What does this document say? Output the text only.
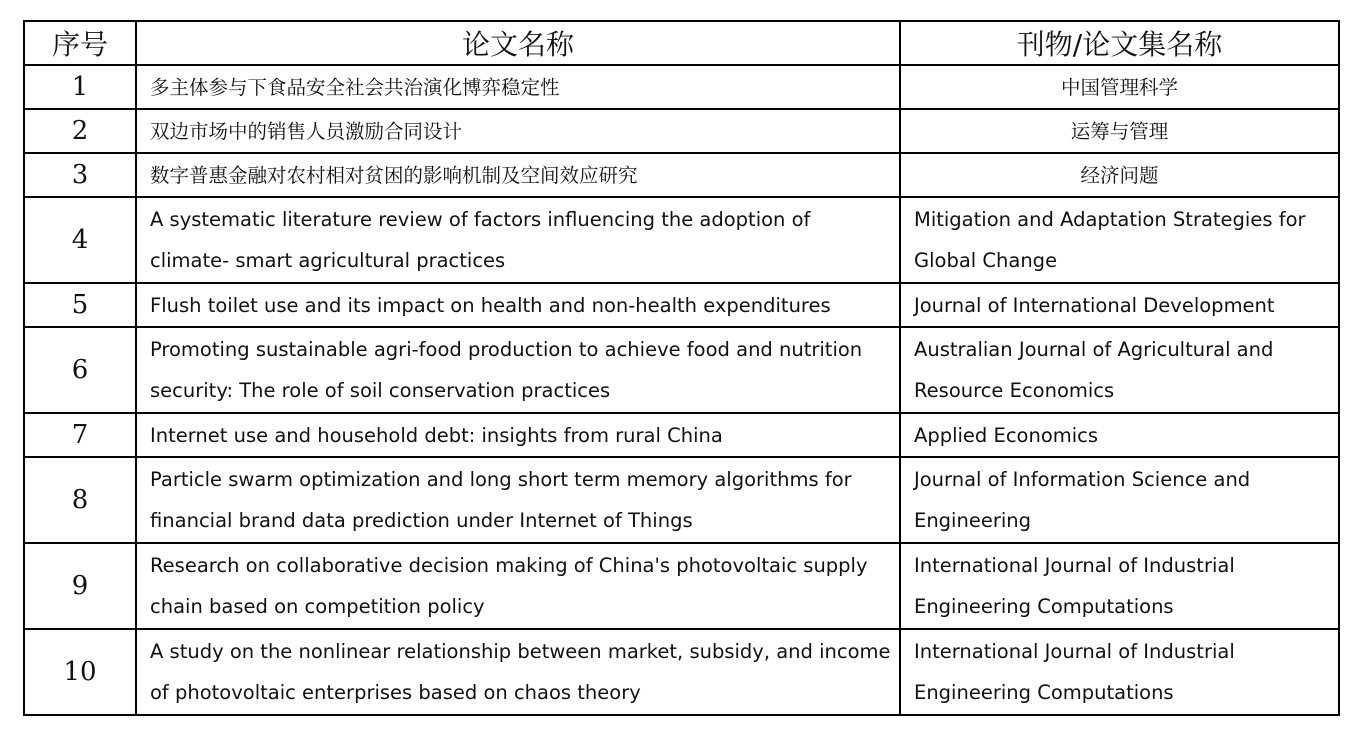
序号	论文名称	刊物/论文集名称
1	多主体参与下食品安全社会共治演化博弈稳定性	中国管理科学
2	双边市场中的销售人员激励合同设计	运筹与管理
3	数字普惠金融对农村相对贫困的影响机制及空间效应研究	经济问题
4	A systematic literature review of factors influencing the adoption of climate- smart agricultural practices	Mitigation and Adaptation Strategies for Global Change
5	Flush toilet use and its impact on health and non-health expenditures	Journal of International Development
6	Promoting sustainable agri-food production to achieve food and nutrition security: The role of soil conservation practices	Australian Journal of Agricultural and Resource Economics
7	Internet use and household debt: insights from rural China	Applied Economics
8	Particle swarm optimization and long short term memory algorithms for financial brand data prediction under Internet of Things	Journal of Information Science and Engineering
9	Research on collaborative decision making of China's photovoltaic supply chain based on competition policy	International Journal of Industrial Engineering Computations
10	A study on the nonlinear relationship between market, subsidy, and income of photovoltaic enterprises based on chaos theory	International Journal of Industrial Engineering Computations
